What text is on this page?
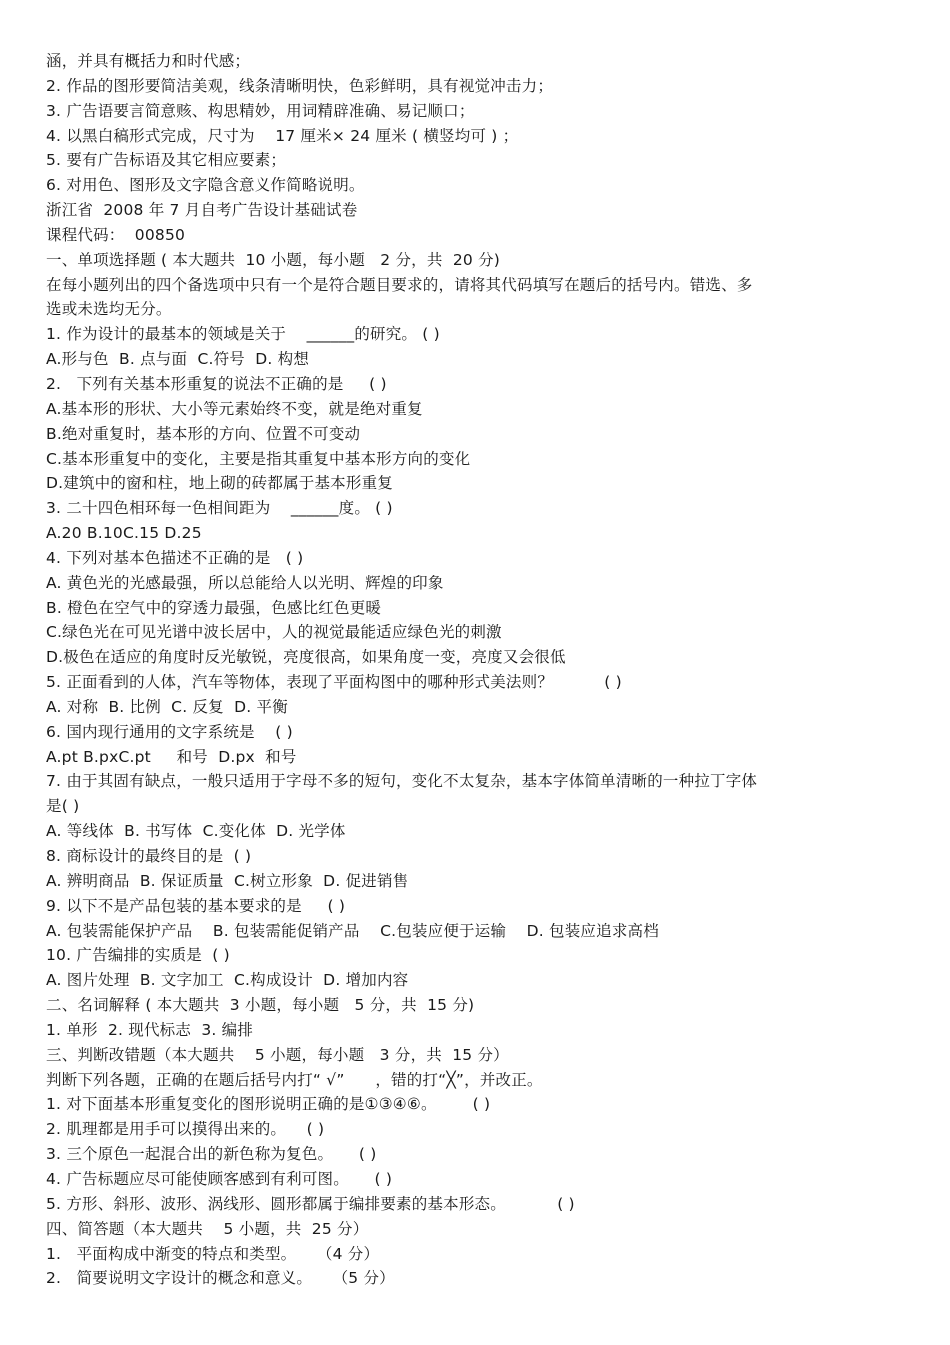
涵，并具有概括力和时代感；
2. 作品的图形要简洁美观，线条清晰明快，色彩鲜明，具有视觉冲击力；
3. 广告语要言简意赅、构思精妙，用词精辟准确、易记顺口；
4. 以黑白稿形式完成，尺寸为    17 厘米× 24 厘米 ( 横竖均可 ) ；
5. 要有广告标语及其它相应要素；
6. 对用色、图形及文字隐含意义作简略说明。
浙江省  2008 年 7 月自考广告设计基础试卷
课程代码：  00850
一、单项选择题 ( 本大题共  10 小题，每小题   2 分，共  20 分)
在每小题列出的四个备选项中只有一个是符合题目要求的，请将其代码填写在题后的括号内。错选、多
选或未选均无分。
1. 作为设计的最基本的领域是关于    ______的研究。 ( )
A.形与色  B. 点与面  C.符号  D. 构想
2.   下列有关基本形重复的说法不正确的是     ( )
A.基本形的形状、大小等元素始终不变，就是绝对重复
B.绝对重复时，基本形的方向、位置不可变动
C.基本形重复中的变化，主要是指其重复中基本形方向的变化
D.建筑中的窗和柱，地上砌的砖都属于基本形重复
3. 二十四色相环每一色相间距为    ______度。 ( )
A.20 B.10C.15 D.25
4. 下列对基本色描述不正确的是   ( )
A. 黄色光的光感最强，所以总能给人以光明、辉煌的印象
B. 橙色在空气中的穿透力最强，色感比红色更暖
C.绿色光在可见光谱中波长居中，人的视觉最能适应绿色光的刺激
D.极色在适应的角度时反光敏锐，亮度很高，如果角度一变，亮度又会很低
5. 正面看到的人体，汽车等物体，表现了平面构图中的哪种形式美法则？          ( )
A. 对称  B. 比例  C. 反复  D. 平衡
6. 国内现行通用的文字系统是    ( )
A.pt B.pxC.pt     和号  D.px  和号
7. 由于其固有缺点，一般只适用于字母不多的短句，变化不太复杂，基本字体简单清晰的一种拉丁字体
是( )
A. 等线体  B. 书写体  C.变化体  D. 光学体
8. 商标设计的最终目的是  ( )
A. 辨明商品  B. 保证质量  C.树立形象  D. 促进销售
9. 以下不是产品包装的基本要求的是     ( )
A. 包装需能保护产品    B. 包装需能促销产品    C.包装应便于运输    D. 包装应追求高档
10. 广告编排的实质是  ( )
A. 图片处理  B. 文字加工  C.构成设计  D. 增加内容
二、名词解释 ( 本大题共  3 小题，每小题   5 分，共  15 分)
1. 单形  2. 现代标志  3. 编排
三、判断改错题（本大题共    5 小题，每小题   3 分，共  15 分）
判断下列各题，正确的在题后括号内打“ √”      ，错的打“╳”，并改正。
1. 对下面基本形重复变化的图形说明正确的是①③④⑥。       ( )
2. 肌理都是用手可以摸得出来的。    ( )
3. 三个原色一起混合出的新色称为复色。     ( )
4. 广告标题应尽可能使顾客感到有利可图。     ( )
5. 方形、斜形、波形、涡线形、圆形都属于编排要素的基本形态。          ( )
四、简答题（本大题共    5 小题，共  25 分）
1.   平面构成中渐变的特点和类型。    （4 分）
2.   简要说明文字设计的概念和意义。    （5 分）
